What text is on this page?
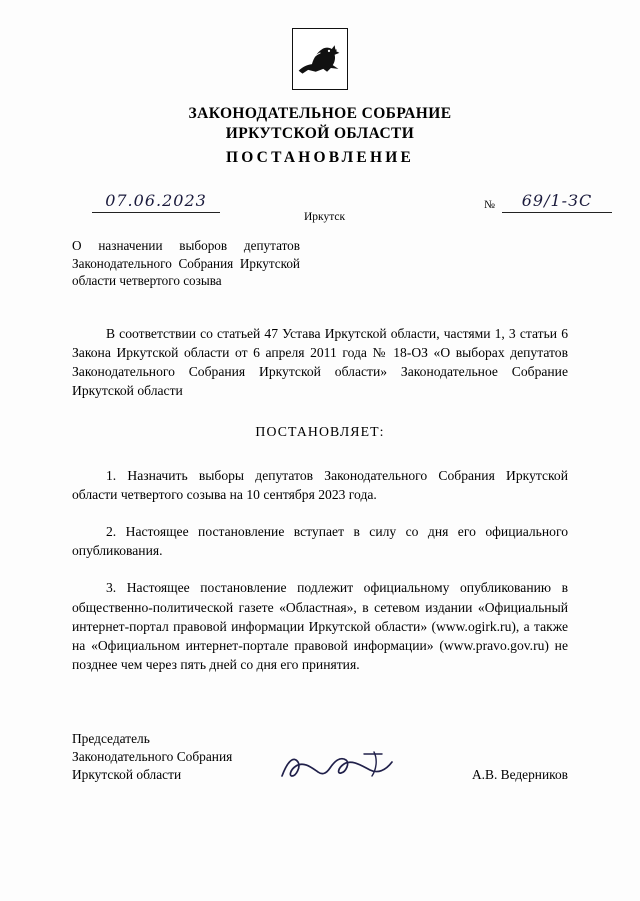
ЗАКОНОДАТЕЛЬНОЕ СОБРАНИЕ
ИРКУТСКОЙ ОБЛАСТИ
ПОСТАНОВЛЕНИЕ
07.06.2023
Иркутск
№	69/1-ЗС
О назначении выборов депутатов Законодательного Собрания Иркутской области четвертого созыва
В соответствии со статьей 47 Устава Иркутской области, частями 1, 3 статьи 6 Закона Иркутской области от 6 апреля 2011 года № 18-ОЗ «О выборах депутатов Законодательного Собрания Иркутской области» Законодательное Собрание Иркутской области
ПОСТАНОВЛЯЕТ:
1. Назначить выборы депутатов Законодательного Собрания Иркутской области четвертого созыва на 10 сентября 2023 года.
2. Настоящее постановление вступает в силу со дня его официального опубликования.
3. Настоящее постановление подлежит официальному опубликованию в общественно-политической газете «Областная», в сетевом издании «Официальный интернет-портал правовой информации Иркутской области» (www.ogirk.ru), а также на «Официальном интернет-портале правовой информации» (www.pravo.gov.ru) не позднее чем через пять дней со дня его принятия.
Председатель
Законодательного Собрания
Иркутской области	А.В. Ведерников
